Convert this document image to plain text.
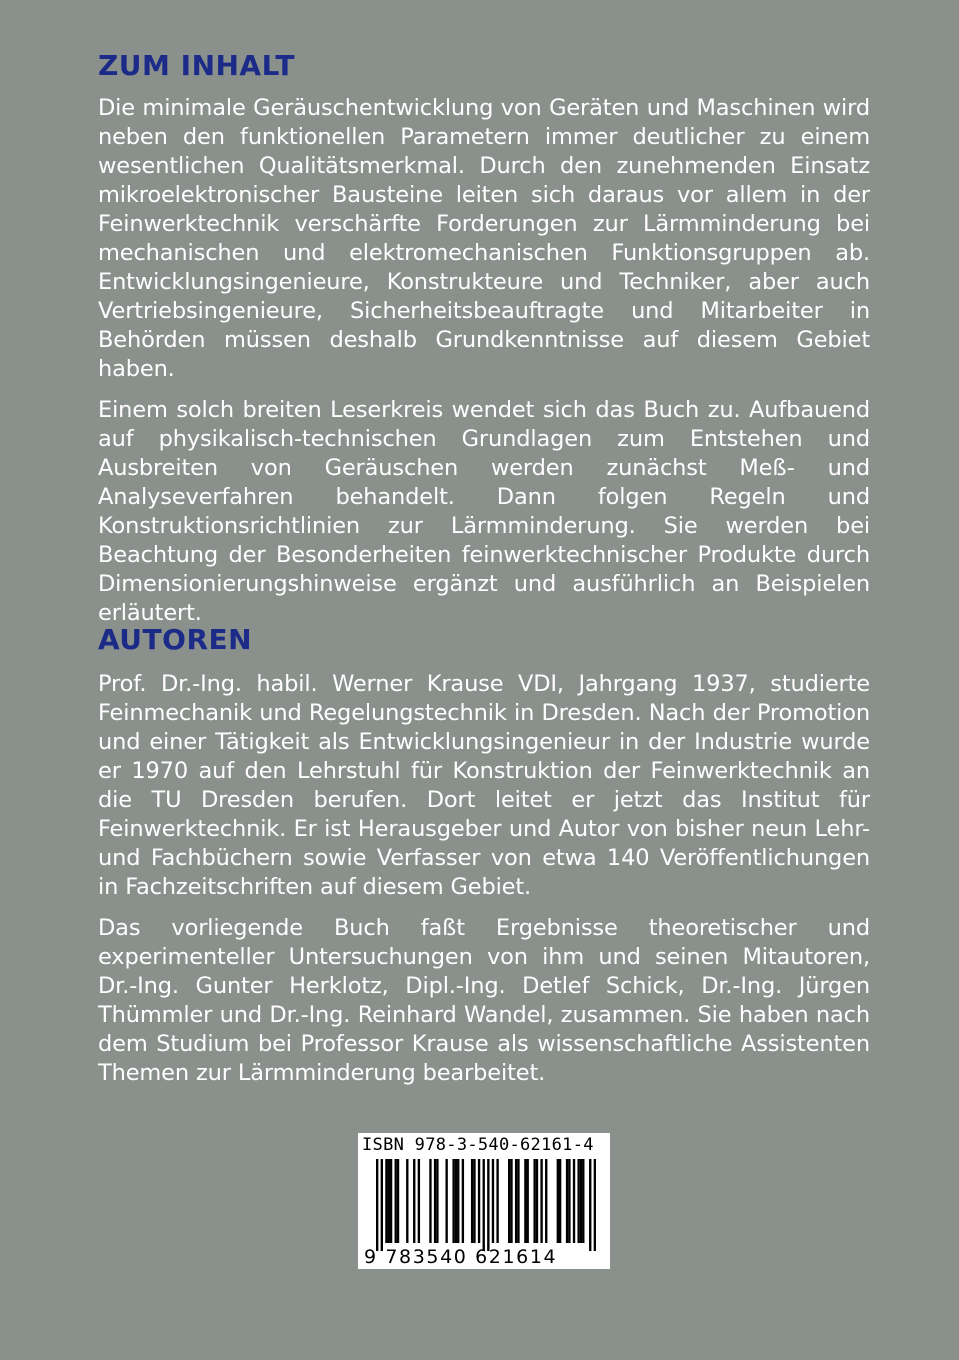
ZUM INHALT

Die minimale Geräuschentwicklung von Geräten und Maschinen wird neben den funktionellen Parametern immer deutlicher zu einem wesentlichen Qualitätsmerkmal. Durch den zunehmenden Einsatz mikroelektronischer Bausteine leiten sich daraus vor allem in der Feinwerktechnik verschärfte Forderungen zur Lärmminderung bei mechanischen und elektromechanischen Funktionsgruppen ab. Entwicklungsingenieure, Konstrukteure und Techniker, aber auch Vertriebsingenieure, Sicherheitsbeauftragte und Mitarbeiter in Behörden müssen deshalb Grundkenntnisse auf diesem Gebiet haben.

Einem solch breiten Leserkreis wendet sich das Buch zu. Aufbauend auf physikalisch-technischen Grundlagen zum Entstehen und Ausbreiten von Geräuschen werden zunächst Meß- und Analyseverfahren behandelt. Dann folgen Regeln und Konstruktionsrichtlinien zur Lärmminderung. Sie werden bei Beachtung der Besonderheiten feinwerktechnischer Produkte durch Dimensionierungshinweise ergänzt und ausführlich an Beispielen erläutert.

AUTOREN

Prof. Dr.-Ing. habil. Werner Krause VDI, Jahrgang 1937, studierte Feinmechanik und Regelungstechnik in Dresden. Nach der Promotion und einer Tätigkeit als Entwicklungsingenieur in der Industrie wurde er 1970 auf den Lehrstuhl für Konstruktion der Feinwerktechnik an die TU Dresden berufen. Dort leitet er jetzt das Institut für Feinwerktechnik. Er ist Herausgeber und Autor von bisher neun Lehr- und Fachbüchern sowie Verfasser von etwa 140 Veröffentlichungen in Fachzeitschriften auf diesem Gebiet.

Das vorliegende Buch faßt Ergebnisse theoretischer und experimenteller Untersuchungen von ihm und seinen Mitautoren, Dr.-Ing. Gunter Herklotz, Dipl.-Ing. Detlef Schick, Dr.-Ing. Jürgen Thümmler und Dr.-Ing. Reinhard Wandel, zusammen. Sie haben nach dem Studium bei Professor Krause als wissenschaftliche Assistenten Themen zur Lärmminderung bearbeitet.

ISBN 978-3-540-62161-4
9 783540 621614
